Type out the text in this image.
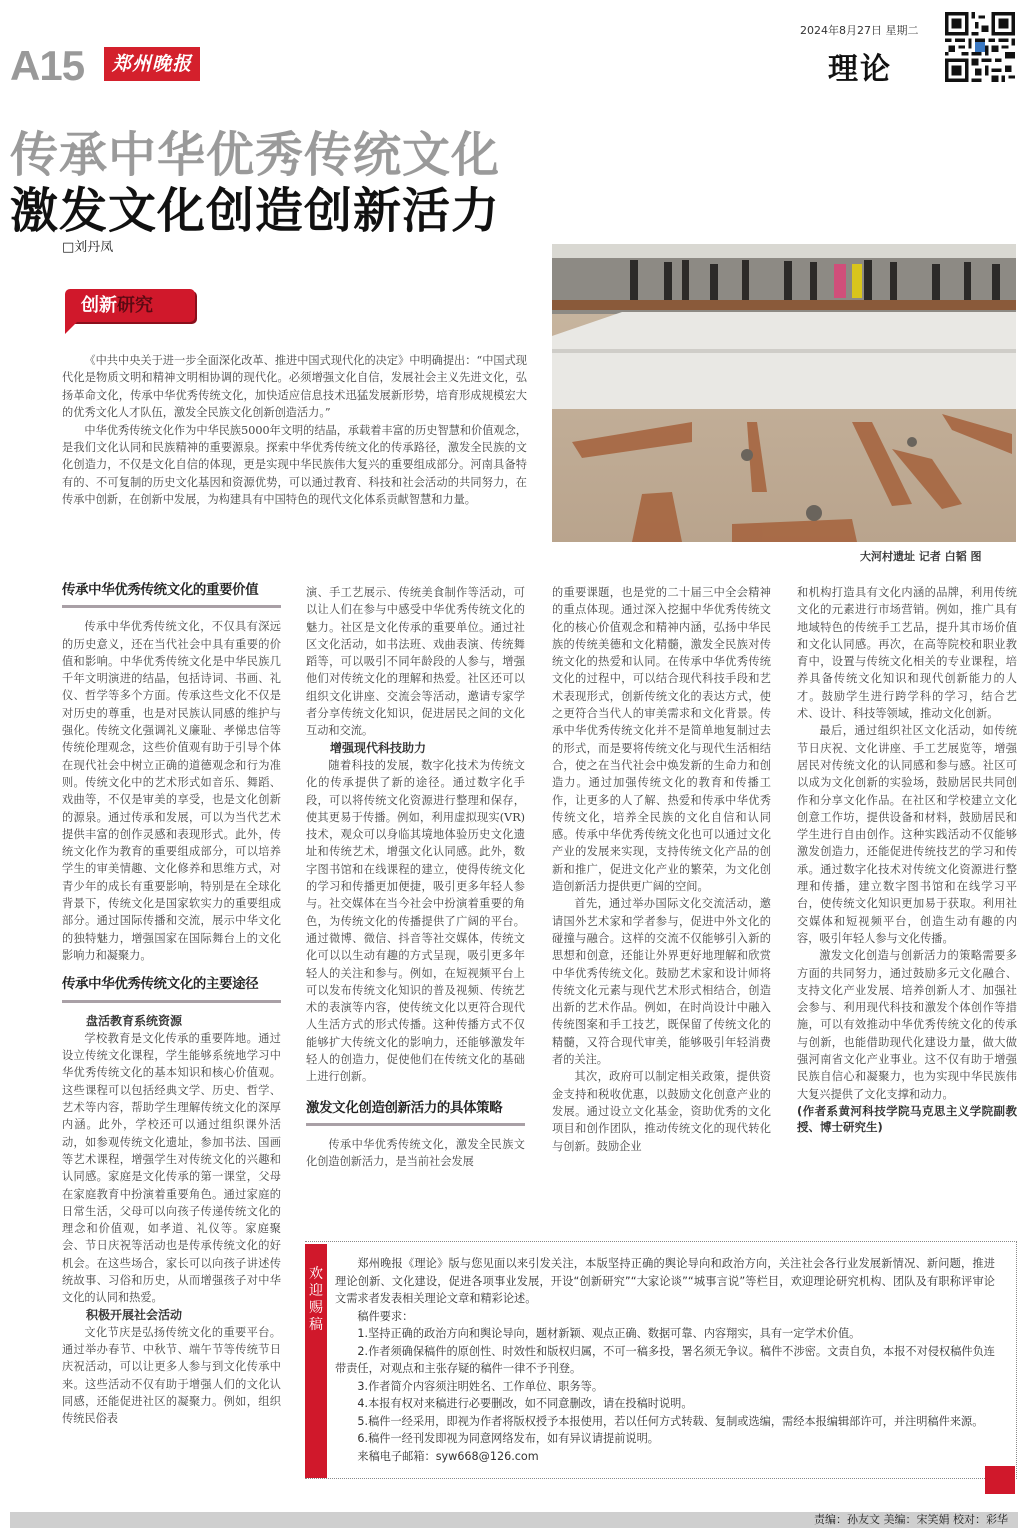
A15	郑州晚报
2024年8月27日 星期二
理论
传承中华优秀传统文化
激发文化创造创新活力
□刘丹凤
创新研究

《中共中央关于进一步全面深化改革、推进中国式现代化的决定》中明确提出：“中国式现代化是物质文明和精神文明相协调的现代化。必须增强文化自信，发展社会主义先进文化，弘扬革命文化，传承中华优秀传统文化，加快适应信息技术迅猛发展新形势，培育形成规模宏大的优秀文化人才队伍，激发全民族文化创新创造活力。”

中华优秀传统文化作为中华民族5000年文明的结晶，承载着丰富的历史智慧和价值观念，是我们文化认同和民族精神的重要源泉。探索中华优秀传统文化的传承路径，激发全民族的文化创造力，不仅是文化自信的体现，更是实现中华民族伟大复兴的重要组成部分。河南具备特有的、不可复制的历史文化基因和资源优势，可以通过教育、科技和社会活动的共同努力，在传承中创新，在创新中发展，为构建具有中国特色的现代文化体系贡献智慧和力量。

大河村遗址 记者 白韬 图
传承中华优秀传统文化的重要价值

传承中华优秀传统文化，不仅具有深远的历史意义，还在当代社会中具有重要的价值和影响。中华优秀传统文化是中华民族几千年文明演进的结晶，包括诗词、书画、礼仪、哲学等多个方面。传承这些文化不仅是对历史的尊重，也是对民族认同感的维护与强化。传统文化强调礼义廉耻、孝悌忠信等传统伦理观念，这些价值观有助于引导个体在现代社会中树立正确的道德观念和行为准则。传统文化中的艺术形式如音乐、舞蹈、戏曲等，不仅是审美的享受，也是文化创新的源泉。通过传承和发展，可以为当代艺术提供丰富的创作灵感和表现形式。此外，传统文化作为教育的重要组成部分，可以培养学生的审美情趣、文化修养和思维方式，对青少年的成长有重要影响，特别是在全球化背景下，传统文化是国家软实力的重要组成部分。通过国际传播和交流，展示中华文化的独特魅力，增强国家在国际舞台上的文化影响力和凝聚力。

传承中华优秀传统文化的主要途径
盘活教育系统资源

学校教育是文化传承的重要阵地。通过设立传统文化课程，学生能够系统地学习中华优秀传统文化的基本知识和核心价值观。这些课程可以包括经典文学、历史、哲学、艺术等内容，帮助学生理解传统文化的深厚内涵。此外，学校还可以通过组织课外活动，如参观传统文化遗址，参加书法、国画等艺术课程，增强学生对传统文化的兴趣和认同感。家庭是文化传承的第一课堂，父母在家庭教育中扮演着重要角色。通过家庭的日常生活，父母可以向孩子传递传统文化的理念和价值观，如孝道、礼仪等。家庭聚会、节日庆祝等活动也是传承传统文化的好机会。在这些场合，家长可以向孩子讲述传统故事、习俗和历史，从而增强孩子对中华文化的认同和热爱。

积极开展社会活动

文化节庆是弘扬传统文化的重要平台。通过举办春节、中秋节、端午节等传统节日庆祝活动，可以让更多人参与到文化传承中来。这些活动不仅有助于增强人们的文化认同感，还能促进社区的凝聚力。例如，组织传统民俗表

演、手工艺展示、传统美食制作等活动，可以让人们在参与中感受中华优秀传统文化的魅力。社区是文化传承的重要单位。通过社区文化活动，如书法班、戏曲表演、传统舞蹈等，可以吸引不同年龄段的人参与，增强他们对传统文化的理解和热爱。社区还可以组织文化讲座、交流会等活动，邀请专家学者分享传统文化知识，促进居民之间的文化互动和交流。

增强现代科技助力

随着科技的发展，数字化技术为传统文化的传承提供了新的途径。通过数字化手段，可以将传统文化资源进行整理和保存，使其更易于传播。例如，利用虚拟现实(VR)技术，观众可以身临其境地体验历史文化遗址和传统艺术，增强文化认同感。此外，数字图书馆和在线课程的建立，使得传统文化的学习和传播更加便捷，吸引更多年轻人参与。社交媒体在当今社会中扮演着重要的角色，为传统文化的传播提供了广阔的平台。通过微博、微信、抖音等社交媒体，传统文化可以以生动有趣的方式呈现，吸引更多年轻人的关注和参与。例如，在短视频平台上可以发布传统文化知识的普及视频、传统艺术的表演等内容，使传统文化以更符合现代人生活方式的形式传播。这种传播方式不仅能够扩大传统文化的影响力，还能够激发年轻人的创造力，促使他们在传统文化的基础上进行创新。

激发文化创造创新活力的具体策略

传承中华优秀传统文化，激发全民族文化创造创新活力，是当前社会发展

的重要课题，也是党的二十届三中全会精神的重点体现。通过深入挖掘中华优秀传统文化的核心价值观念和精神内涵，弘扬中华民族的传统美德和文化精髓，激发全民族对传统文化的热爱和认同。在传承中华优秀传统文化的过程中，可以结合现代科技手段和艺术表现形式，创新传统文化的表达方式，使之更符合当代人的审美需求和文化背景。传承中华优秀传统文化并不是简单地复制过去的形式，而是要将传统文化与现代生活相结合，使之在当代社会中焕发新的生命力和创造力。通过加强传统文化的教育和传播工作，让更多的人了解、热爱和传承中华优秀传统文化，培养全民族的文化自信和认同感。传承中华优秀传统文化也可以通过文化产业的发展来实现，支持传统文化产品的创新和推广，促进文化产业的繁荣，为文化创造创新活力提供更广阔的空间。

首先，通过举办国际文化交流活动，邀请国外艺术家和学者参与，促进中外文化的碰撞与融合。这样的交流不仅能够引入新的思想和创意，还能让外界更好地理解和欣赏中华优秀传统文化。鼓励艺术家和设计师将传统文化元素与现代艺术形式相结合，创造出新的艺术作品。例如，在时尚设计中融入传统图案和手工技艺，既保留了传统文化的精髓，又符合现代审美，能够吸引年轻消费者的关注。

其次，政府可以制定相关政策，提供资金支持和税收优惠，以鼓励文化创意产业的发展。通过设立文化基金，资助优秀的文化项目和创作团队，推动传统文化的现代转化与创新。鼓励企业

和机构打造具有文化内涵的品牌，利用传统文化的元素进行市场营销。例如，推广具有地域特色的传统手工艺品，提升其市场价值和文化认同感。再次，在高等院校和职业教育中，设置与传统文化相关的专业课程，培养具备传统文化知识和现代创新能力的人才。鼓励学生进行跨学科的学习，结合艺术、设计、科技等领域，推动文化创新。

最后，通过组织社区文化活动，如传统节日庆祝、文化讲座、手工艺展览等，增强居民对传统文化的认同感和参与感。社区可以成为文化创新的实验场，鼓励居民共同创作和分享文化作品。在社区和学校建立文化创意工作坊，提供设备和材料，鼓励居民和学生进行自由创作。这种实践活动不仅能够激发创造力，还能促进传统技艺的学习和传承。通过数字化技术对传统文化资源进行整理和传播，建立数字图书馆和在线学习平台，使传统文化知识更加易于获取。利用社交媒体和短视频平台，创造生动有趣的内容，吸引年轻人参与文化传播。

激发文化创造与创新活力的策略需要多方面的共同努力，通过鼓励多元文化融合、支持文化产业发展、培养创新人才、加强社会参与、利用现代科技和激发个体创作等措施，可以有效推动中华优秀传统文化的传承与创新，也能借助现代化建设力量，做大做强河南省文化产业事业。这不仅有助于增强民族自信心和凝聚力，也为实现中华民族伟大复兴提供了文化支撑和动力。

(作者系黄河科技学院马克思主义学院副教授、博士研究生)

欢
迎
赐
稿

郑州晚报《理论》版与您见面以来引发关注，本版坚持正确的舆论导向和政治方向，关注社会各行业发展新情况、新问题，推进理论创新、文化建设，促进各项事业发展，开设“创新研究”“大家论谈”“城事言说”等栏目，欢迎理论研究机构、团队及有职称评审论文需求者发表相关理论文章和精彩论述。

稿件要求：

1.坚持正确的政治方向和舆论导向，题材新颖、观点正确、数据可靠、内容翔实，具有一定学术价值。

2.作者须确保稿件的原创性、时效性和版权归属，不可一稿多投，署名须无争议。稿件不涉密。文责自负，本报不对侵权稿件负连带责任，对观点和主张存疑的稿件一律不予刊登。

3.作者简介内容须注明姓名、工作单位、职务等。

4.本报有权对来稿进行必要删改，如不同意删改，请在投稿时说明。

5.稿件一经采用，即视为作者将版权授予本报使用，若以任何方式转载、复制或选编，需经本报编辑部许可，并注明稿件来源。

6.稿件一经刊发即视为同意网络发布，如有异议请提前说明。

来稿电子邮箱：syw668@126.com

责编：孙友文 美编：宋笑娟 校对：彩华
